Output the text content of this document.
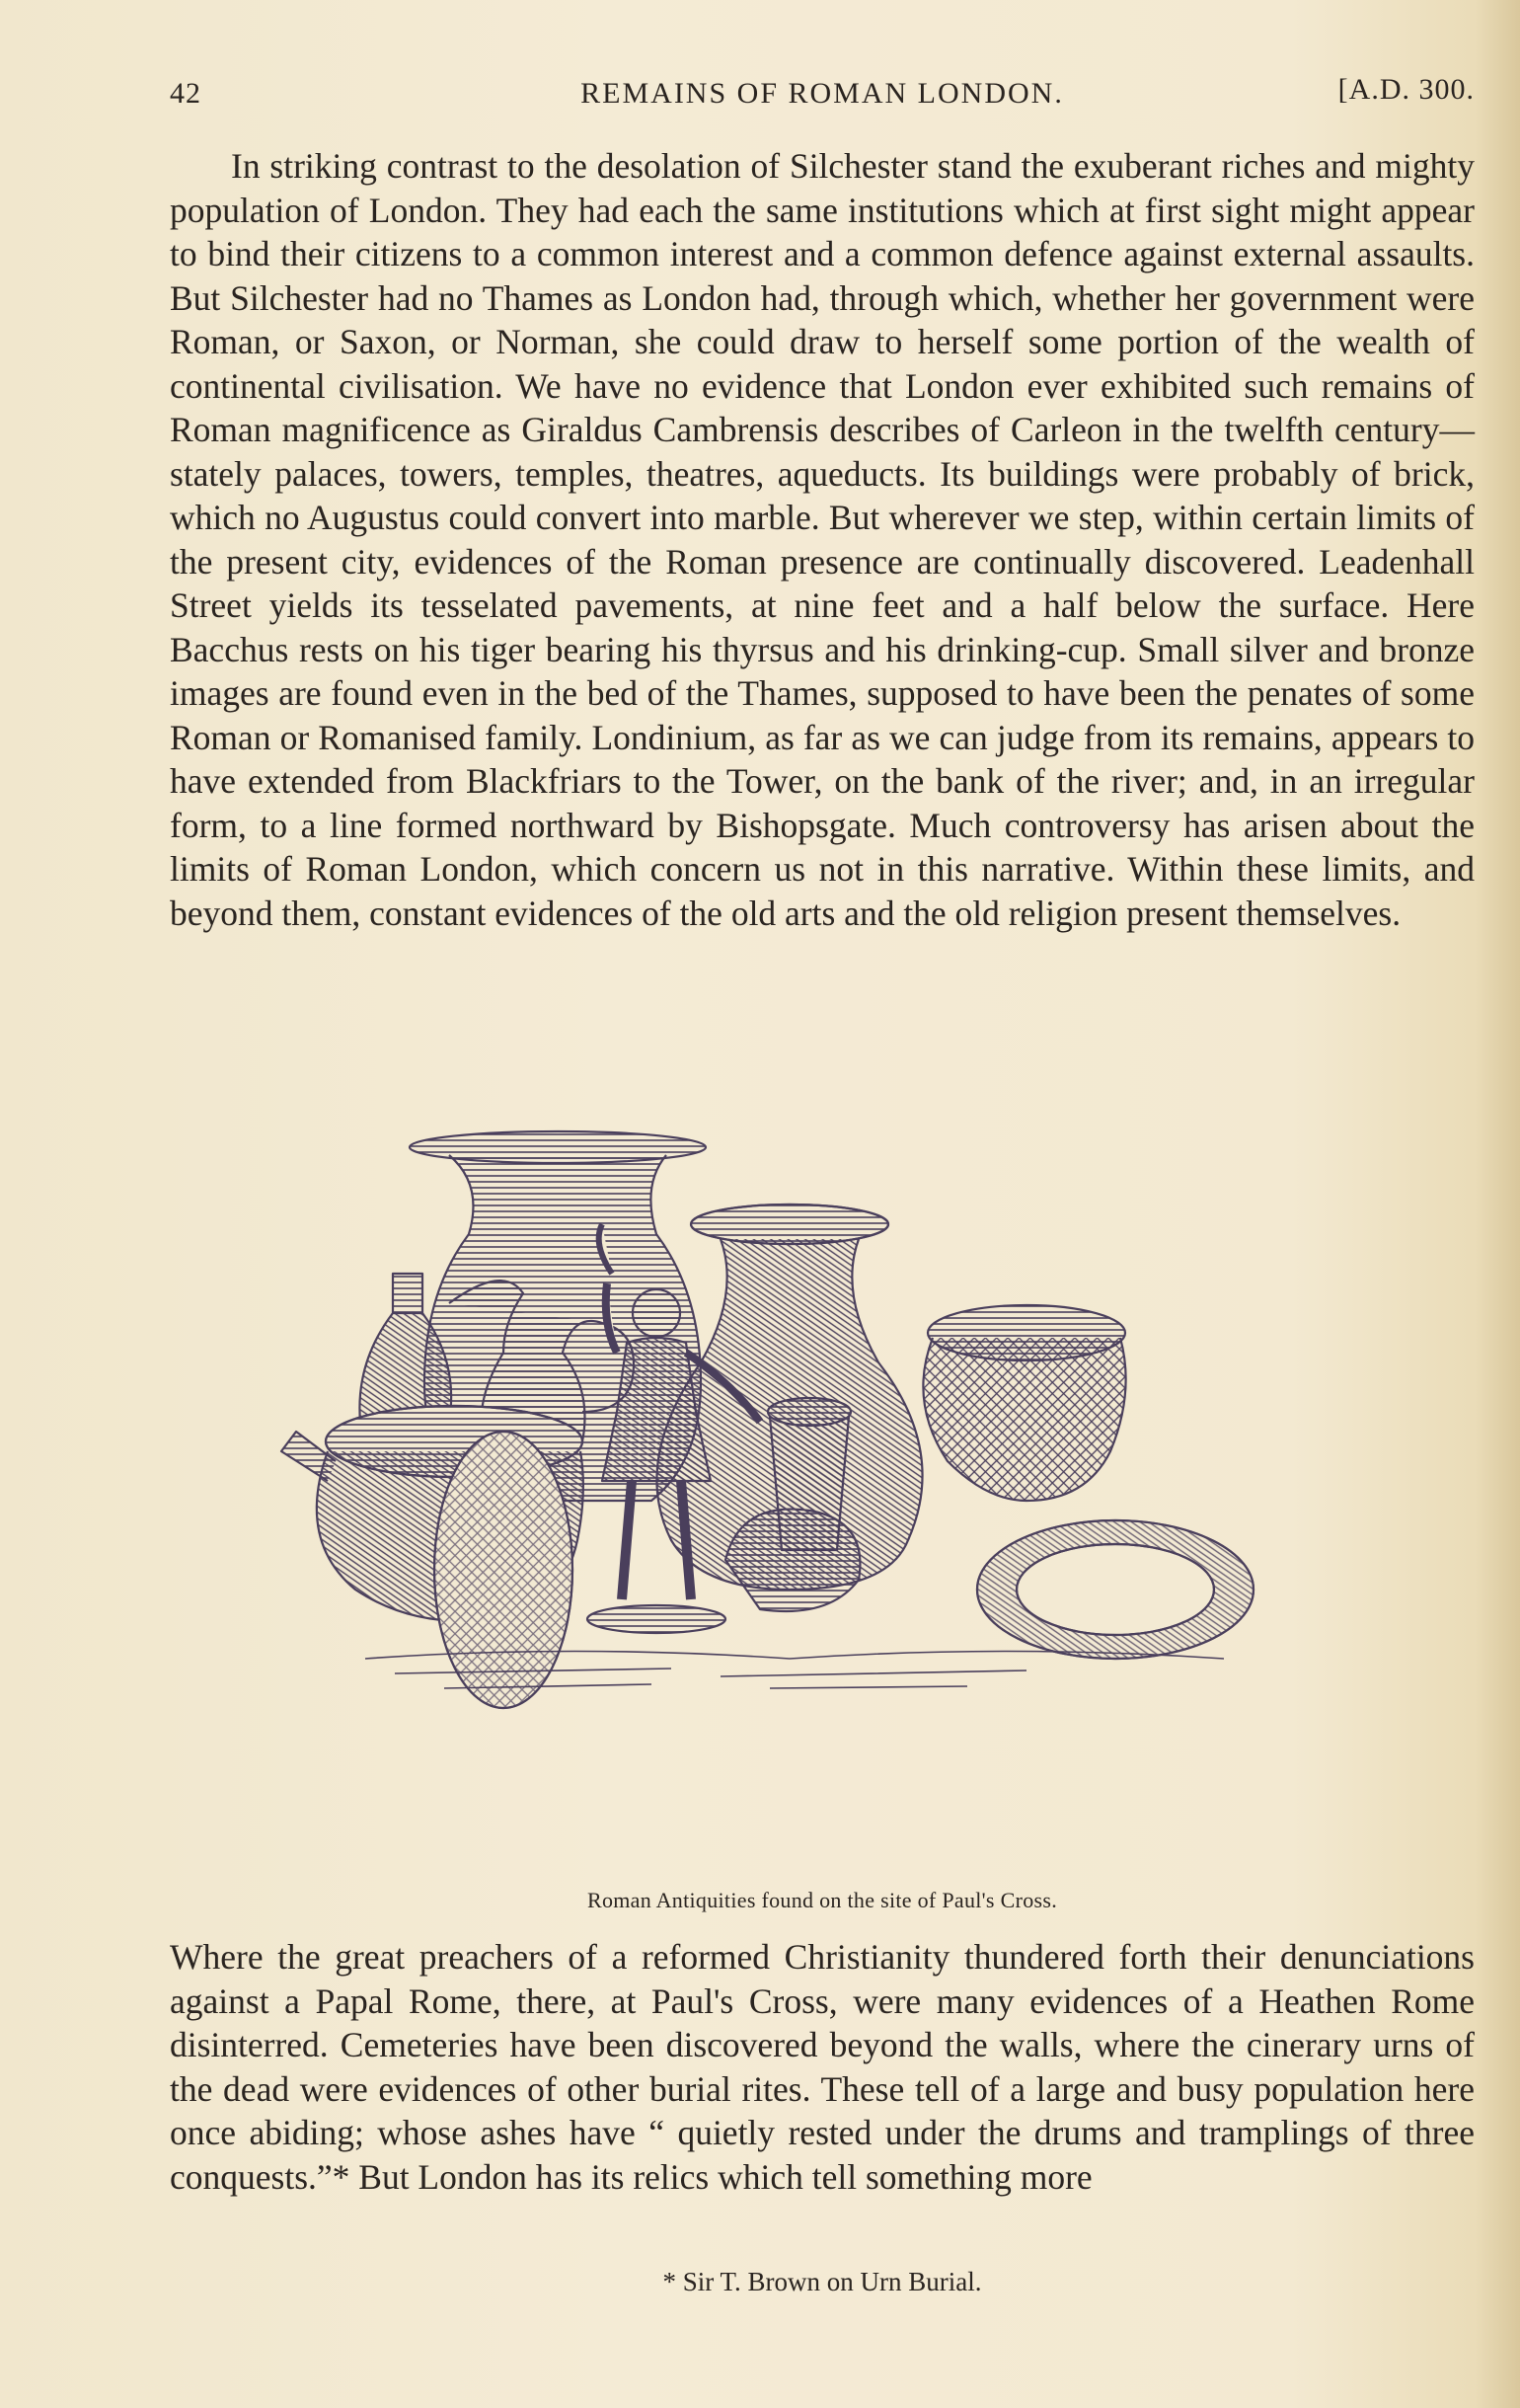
42	REMAINS OF ROMAN LONDON.	[A.D. 300.

In striking contrast to the desolation of Silchester stand the exuberant riches and mighty population of London. They had each the same institutions which at first sight might appear to bind their citizens to a common interest and a common defence against external assaults. But Silchester had no Thames as London had, through which, whether her government were Roman, or Saxon, or Norman, she could draw to herself some portion of the wealth of continental civilisation. We have no evidence that London ever exhibited such remains of Roman magnificence as Giraldus Cambrensis describes of Carleon in the twelfth century—stately palaces, towers, temples, theatres, aqueducts. Its buildings were probably of brick, which no Augustus could convert into marble. But wherever we step, within certain limits of the present city, evidences of the Roman presence are continually discovered. Leadenhall Street yields its tesselated pavements, at nine feet and a half below the surface. Here Bacchus rests on his tiger bearing his thyrsus and his drinking-cup. Small silver and bronze images are found even in the bed of the Thames, supposed to have been the penates of some Roman or Romanised family. Londinium, as far as we can judge from its remains, appears to have extended from Blackfriars to the Tower, on the bank of the river; and, in an irregular form, to a line formed northward by Bishopsgate. Much controversy has arisen about the limits of Roman London, which concern us not in this narrative. Within these limits, and beyond them, constant evidences of the old arts and the old religion present themselves.

Roman Antiquities found on the site of Paul's Cross.

Where the great preachers of a reformed Christianity thundered forth their denunciations against a Papal Rome, there, at Paul's Cross, were many evidences of a Heathen Rome disinterred. Cemeteries have been discovered beyond the walls, where the cinerary urns of the dead were evidences of other burial rites. These tell of a large and busy population here once abiding; whose ashes have “ quietly rested under the drums and tramplings of three conquests.”* But London has its relics which tell something more

* Sir T. Brown on Urn Burial.
